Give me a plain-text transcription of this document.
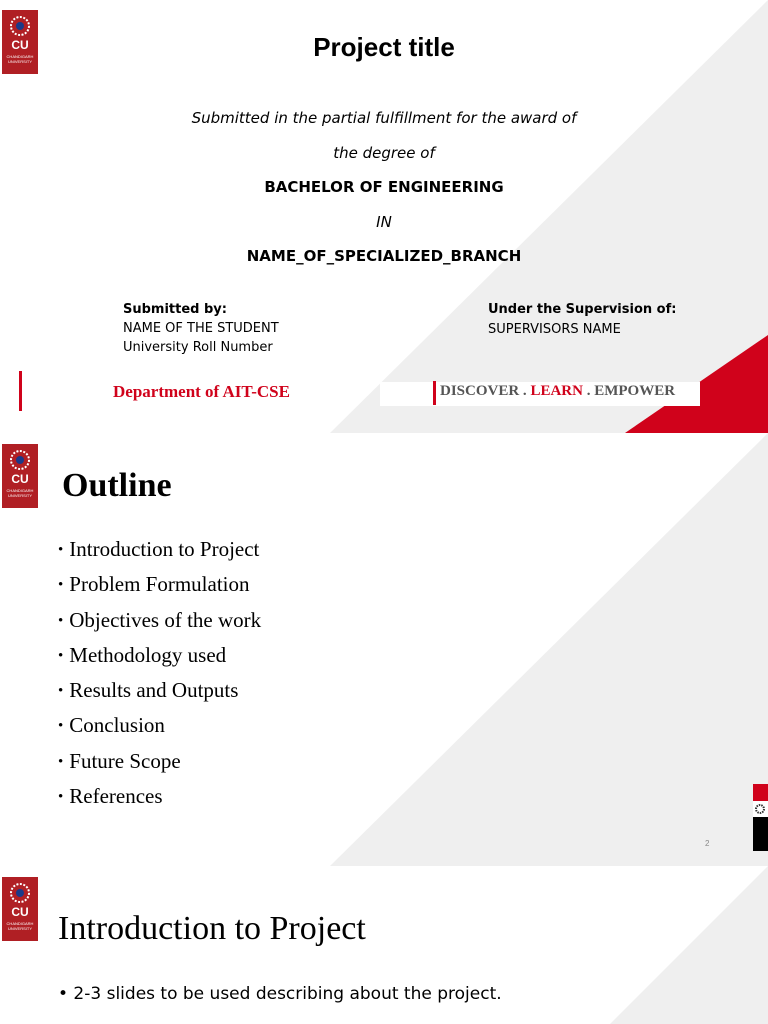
CU
CHANDIGARH UNIVERSITY	Project title
Submitted in the partial fulfillment for the award of
the degree of
BACHELOR OF ENGINEERING
IN
NAME_OF_SPECIALIZED_BRANCH
Submitted by:
NAME OF THE STUDENT
University Roll Number
Under the Supervision of:
SUPERVISORS NAME
Department of AIT-CSE	DISCOVER . LEARN . EMPOWER
CU
CHANDIGARH UNIVERSITY Outline
• Introduction to Project
• Problem Formulation
• Objectives of the work
• Methodology used
• Results and Outputs
• Conclusion
• Future Scope
• References
2
CU
CHANDIGARH UNIVERSITY Introduction to Project
• 2-3 slides to be used describing about the project.
